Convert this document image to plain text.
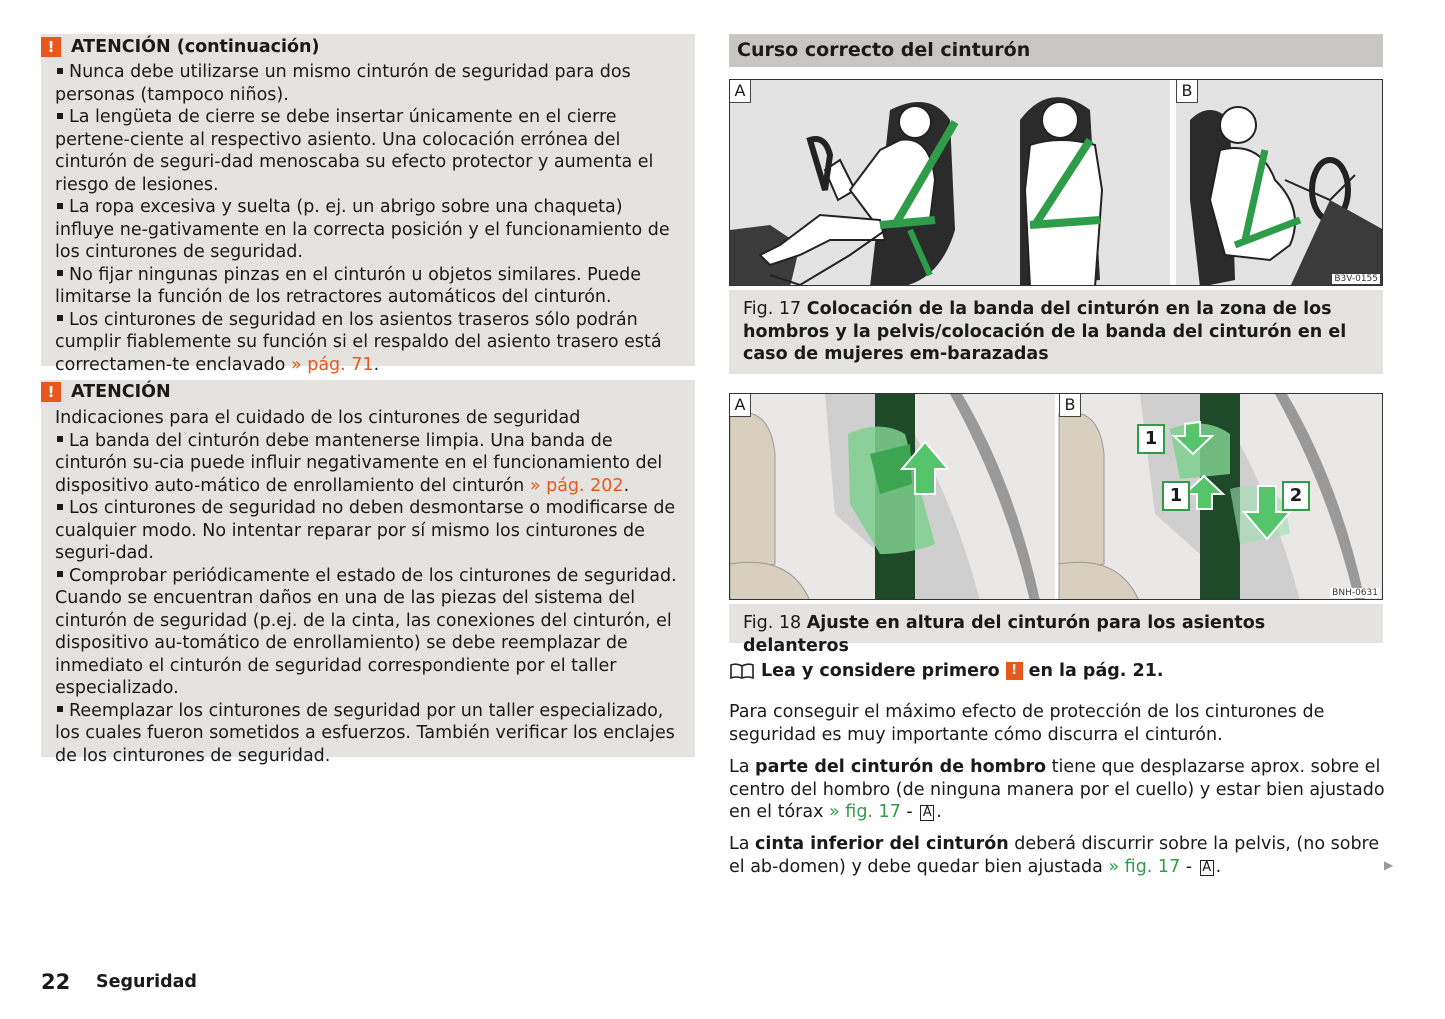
! ATENCIÓN (continuación)

Nunca debe utilizarse un mismo cinturón de seguridad para dos personas (tampoco niños).

La lengüeta de cierre se debe insertar únicamente en el cierre pertene-ciente al respectivo asiento. Una colocación errónea del cinturón de seguri-dad menoscaba su efecto protector y aumenta el riesgo de lesiones.

La ropa excesiva y suelta (p. ej. un abrigo sobre una chaqueta) influye ne-gativamente en la correcta posición y el funcionamiento de los cinturones de seguridad.

No fijar ningunas pinzas en el cinturón u objetos similares. Puede limitarse la función de los retractores automáticos del cinturón.

Los cinturones de seguridad en los asientos traseros sólo podrán cumplir fiablemente su función si el respaldo del asiento trasero está correctamen-te enclavado » pág. 71.

! ATENCIÓN

Indicaciones para el cuidado de los cinturones de seguridad

La banda del cinturón debe mantenerse limpia. Una banda de cinturón su-cia puede influir negativamente en el funcionamiento del dispositivo auto-mático de enrollamiento del cinturón » pág. 202.

Los cinturones de seguridad no deben desmontarse o modificarse de cualquier modo. No intentar reparar por sí mismo los cinturones de seguri-dad.

Comprobar periódicamente el estado de los cinturones de seguridad. Cuando se encuentran daños en una de las piezas del sistema del cinturón de seguridad (p.ej. de la cinta, las conexiones del cinturón, el dispositivo au-tomático de enrollamiento) se debe reemplazar de inmediato el cinturón de seguridad correspondiente por el taller especializado.

Reemplazar los cinturones de seguridad por un taller especializado, los cuales fueron sometidos a esfuerzos. También verificar los enclajes de los cinturones de seguridad.

Curso correcto del cinturón
A	B
B3V-0155
Fig. 17 Colocación de la banda del cinturón en la zona de los hombros y la pelvis/colocación de la banda del cinturón en el caso de mujeres em-barazadas
A	B
1
1	2
BNH-0631
Fig. 18 Ajuste en altura del cinturón para los asientos delanteros
Lea y considere primero ! en la pág. 21.

Para conseguir el máximo efecto de protección de los cinturones de seguridad es muy importante cómo discurra el cinturón.

La parte del cinturón de hombro tiene que desplazarse aprox. sobre el centro del hombro (de ninguna manera por el cuello) y estar bien ajustado en el tórax » fig. 17 - A .

La cinta inferior del cinturón deberá discurrir sobre la pelvis, (no sobre el ab-domen) y debe quedar bien ajustada » fig. 17 - A .	▶
22 Seguridad
